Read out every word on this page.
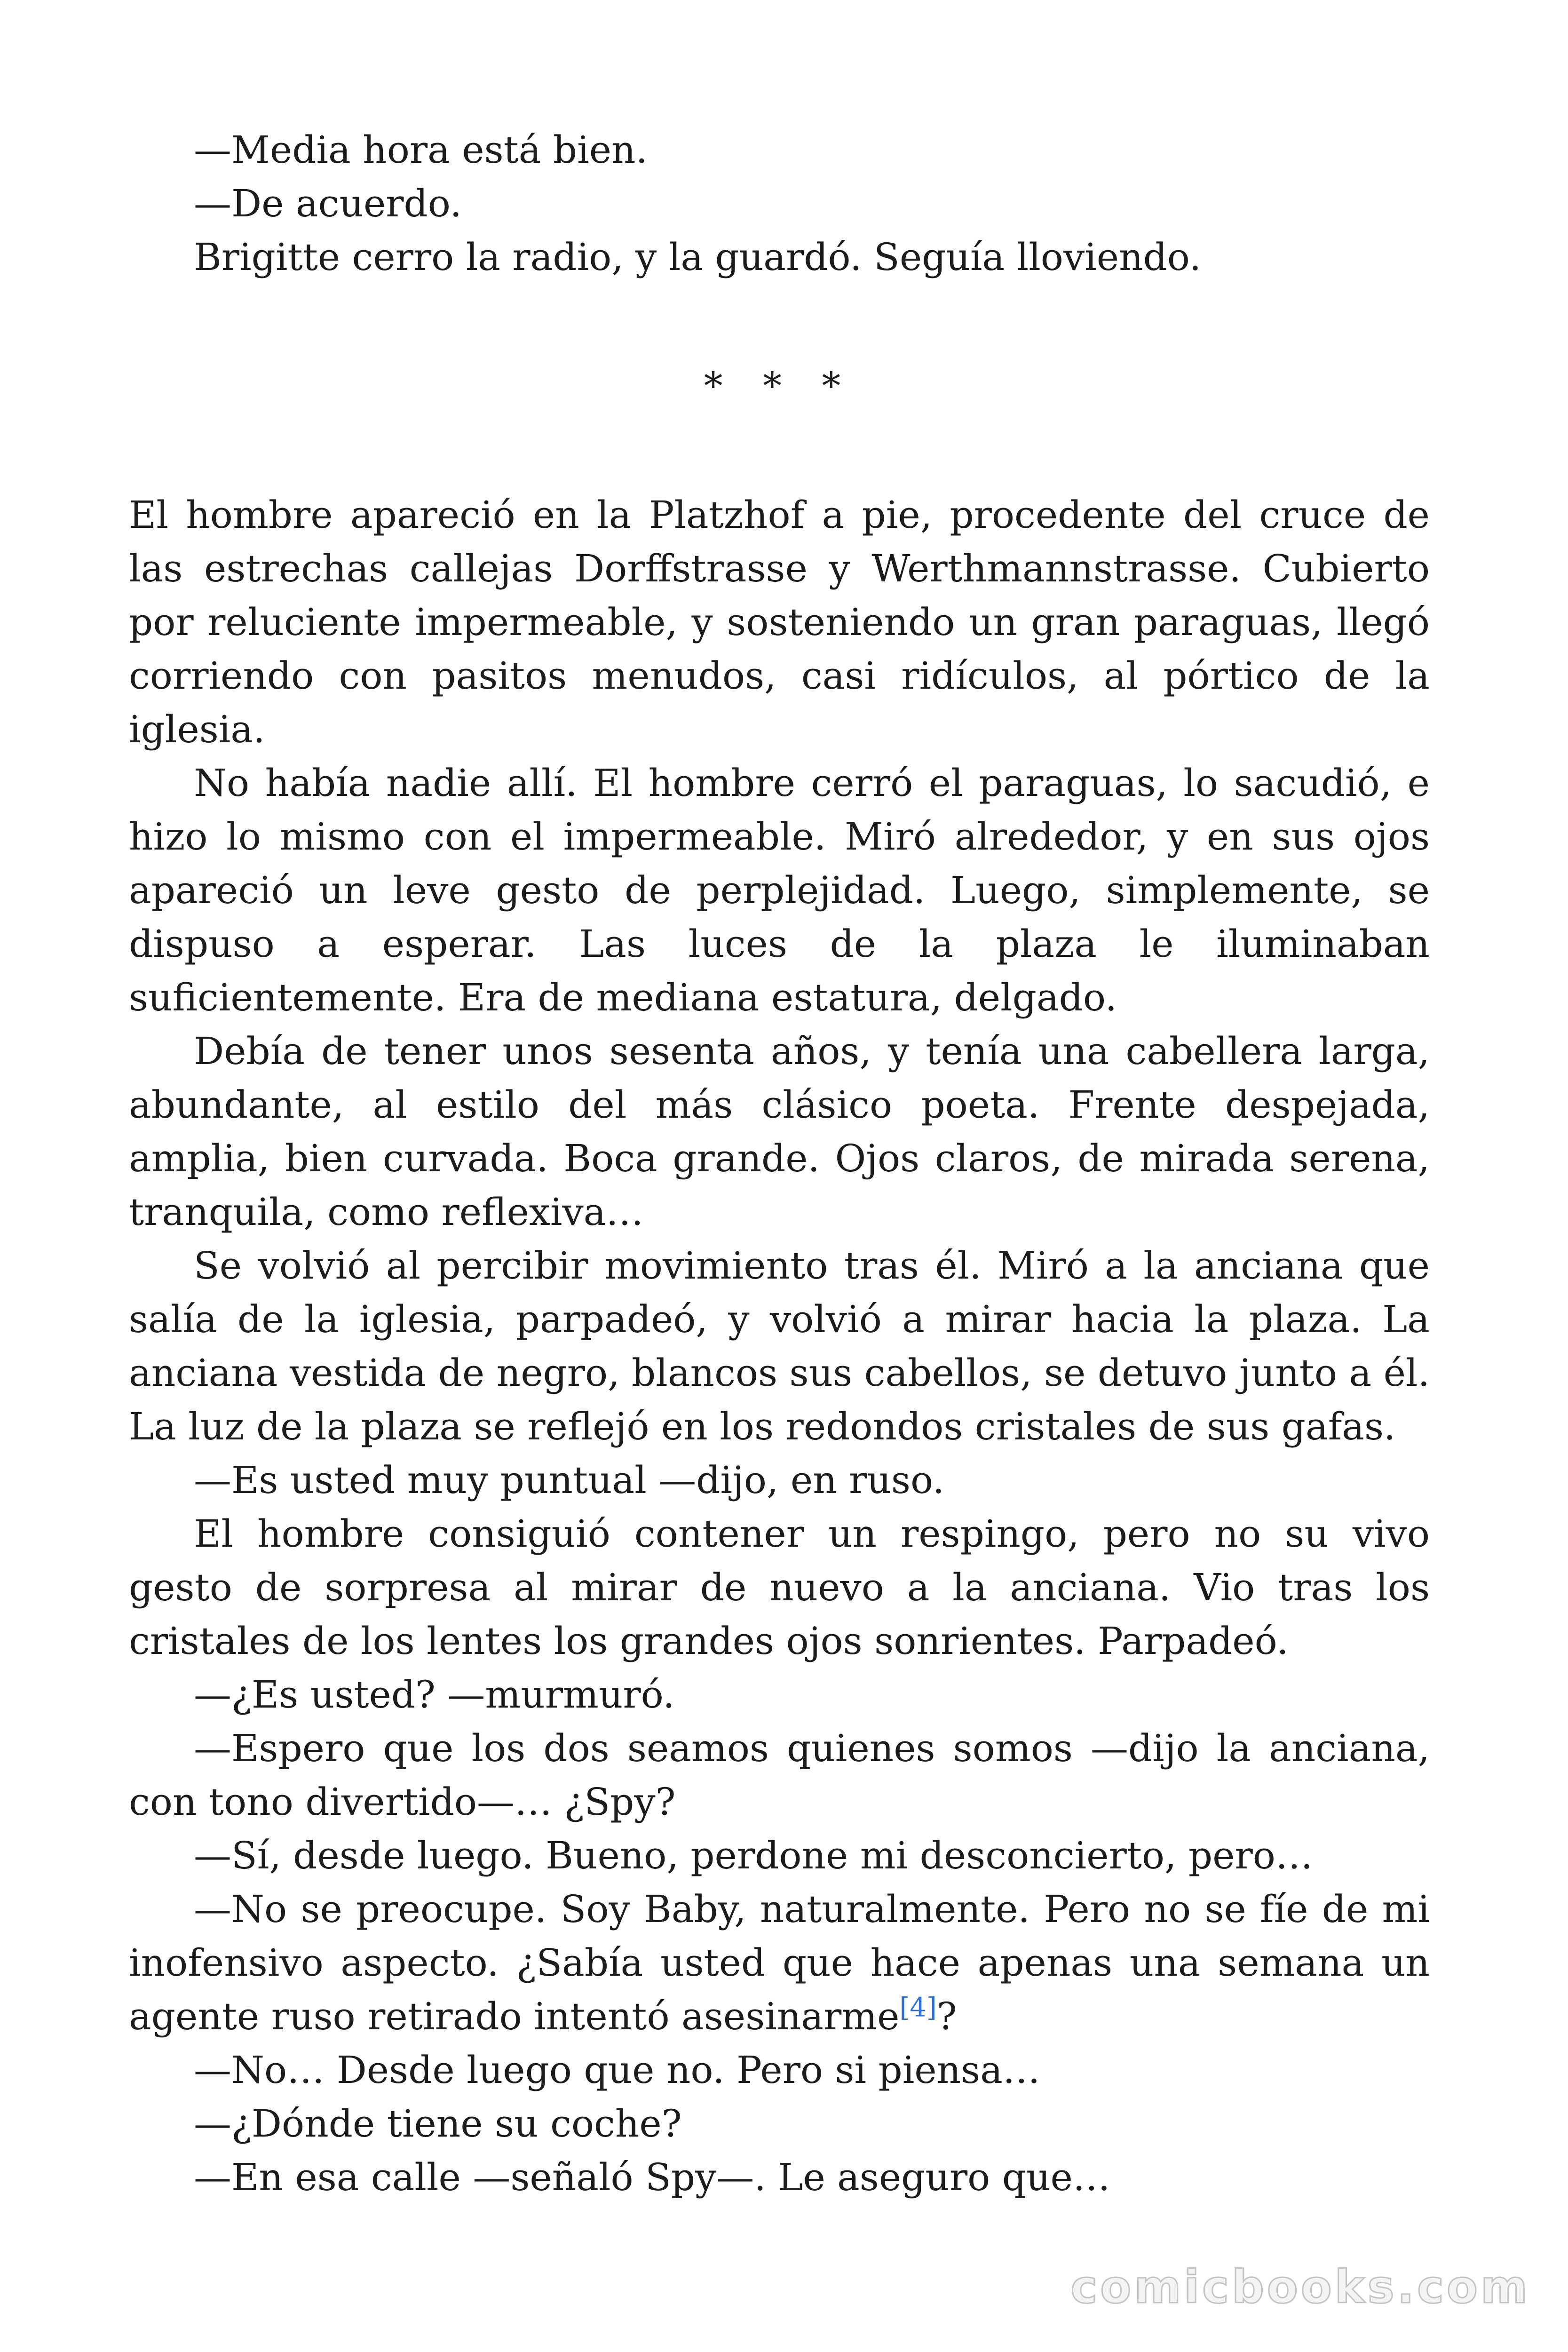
—Media hora está bien.

—De acuerdo.

Brigitte cerro la radio, y la guardó. Seguía lloviendo.

* * *

El hombre apareció en la Platzhof a pie, procedente del cruce de las estrechas callejas Dorffstrasse y Werthmannstrasse. Cubierto por reluciente impermeable, y sosteniendo un gran paraguas, llegó corriendo con pasitos menudos, casi ridículos, al pórtico de la iglesia.

No había nadie allí. El hombre cerró el paraguas, lo sacudió, e hizo lo mismo con el impermeable. Miró alrededor, y en sus ojos apareció un leve gesto de perplejidad. Luego, simplemente, se dispuso a esperar. Las luces de la plaza le iluminaban suficientemente. Era de mediana estatura, delgado.

Debía de tener unos sesenta años, y tenía una cabellera larga, abundante, al estilo del más clásico poeta. Frente despejada, amplia, bien curvada. Boca grande. Ojos claros, de mirada serena, tranquila, como reflexiva…

Se volvió al percibir movimiento tras él. Miró a la anciana que salía de la iglesia, parpadeó, y volvió a mirar hacia la plaza. La anciana vestida de negro, blancos sus cabellos, se detuvo junto a él. La luz de la plaza se reflejó en los redondos cristales de sus gafas.

—Es usted muy puntual —dijo, en ruso.

El hombre consiguió contener un respingo, pero no su vivo gesto de sorpresa al mirar de nuevo a la anciana. Vio tras los cristales de los lentes los grandes ojos sonrientes. Parpadeó.

—¿Es usted? —murmuró.

—Espero que los dos seamos quienes somos —dijo la anciana, con tono divertido—… ¿Spy?

—Sí, desde luego. Bueno, perdone mi desconcierto, pero…

—No se preocupe. Soy Baby, naturalmente. Pero no se fíe de mi inofensivo aspecto. ¿Sabía usted que hace apenas una semana un agente ruso retirado intentó asesinarme[4]?

—No… Desde luego que no. Pero si piensa…

—¿Dónde tiene su coche?

—En esa calle —señaló Spy—. Le aseguro que…

comicbooks.com
